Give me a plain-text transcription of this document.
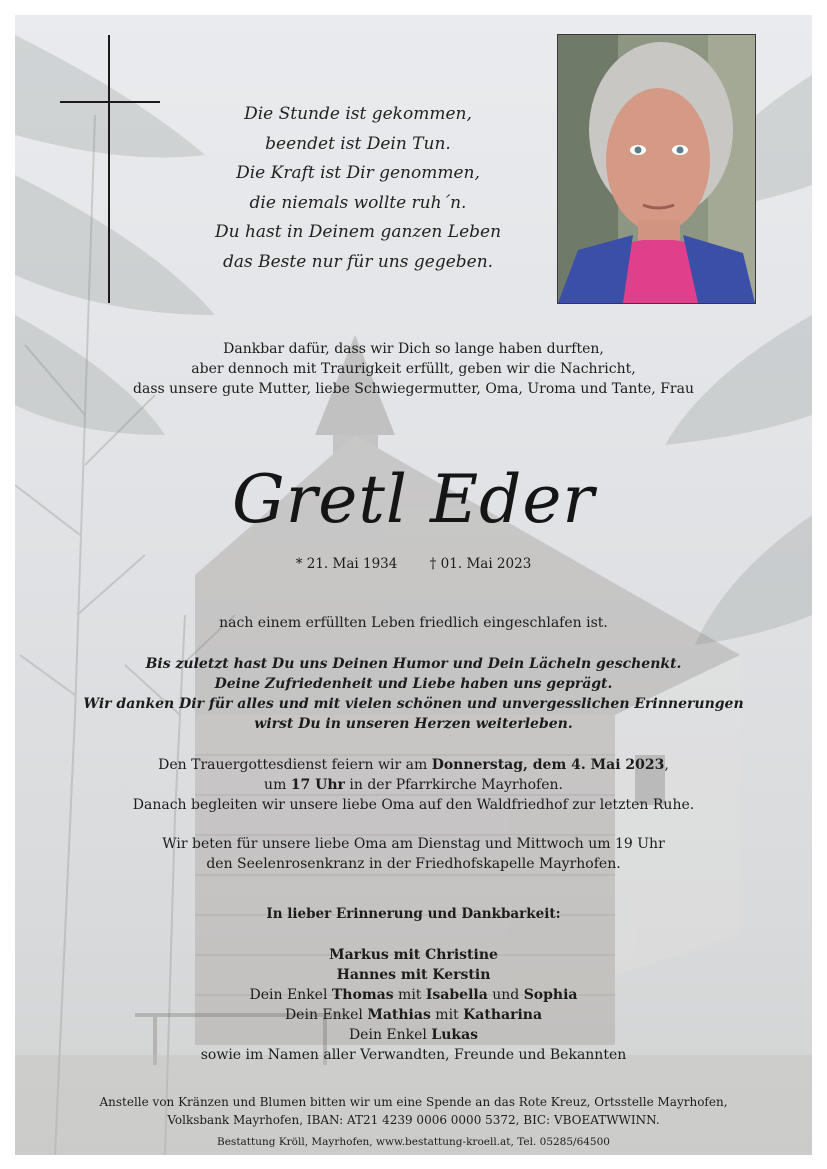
Die Stunde ist gekommen,
beendet ist Dein Tun.
Die Kraft ist Dir genommen,
die niemals wollte ruh´n.
Du hast in Deinem ganzen Leben
das Beste nur für uns gegeben.
Dankbar dafür, dass wir Dich so lange haben durften,
aber dennoch mit Traurigkeit erfüllt, geben wir die Nachricht,
dass unsere gute Mutter, liebe Schwiegermutter, Oma, Uroma und Tante, Frau
Gretl Eder
* 21. Mai 1934 † 01. Mai 2023
nach einem erfüllten Leben friedlich eingeschlafen ist.
Bis zuletzt hast Du uns Deinen Humor und Dein Lächeln geschenkt.
Deine Zufriedenheit und Liebe haben uns geprägt.
Wir danken Dir für alles und mit vielen schönen und unvergesslichen Erinnerungen
wirst Du in unseren Herzen weiterleben.
Den Trauergottesdienst feiern wir am Donnerstag, dem 4. Mai 2023,
um 17 Uhr in der Pfarrkirche Mayrhofen.
Danach begleiten wir unsere liebe Oma auf den Waldfriedhof zur letzten Ruhe.
Wir beten für unsere liebe Oma am Dienstag und Mittwoch um 19 Uhr
den Seelenrosenkranz in der Friedhofskapelle Mayrhofen.
In lieber Erinnerung und Dankbarkeit:
Markus mit Christine
Hannes mit Kerstin
Dein Enkel Thomas mit Isabella und Sophia
Dein Enkel Mathias mit Katharina
Dein Enkel Lukas
sowie im Namen aller Verwandten, Freunde und Bekannten
Anstelle von Kränzen und Blumen bitten wir um eine Spende an das Rote Kreuz, Ortsstelle Mayrhofen,
Volksbank Mayrhofen, IBAN: AT21 4239 0006 0000 5372, BIC: VBOEATWWINN.
Bestattung Kröll, Mayrhofen, www.bestattung-kroell.at, Tel. 05285/64500
